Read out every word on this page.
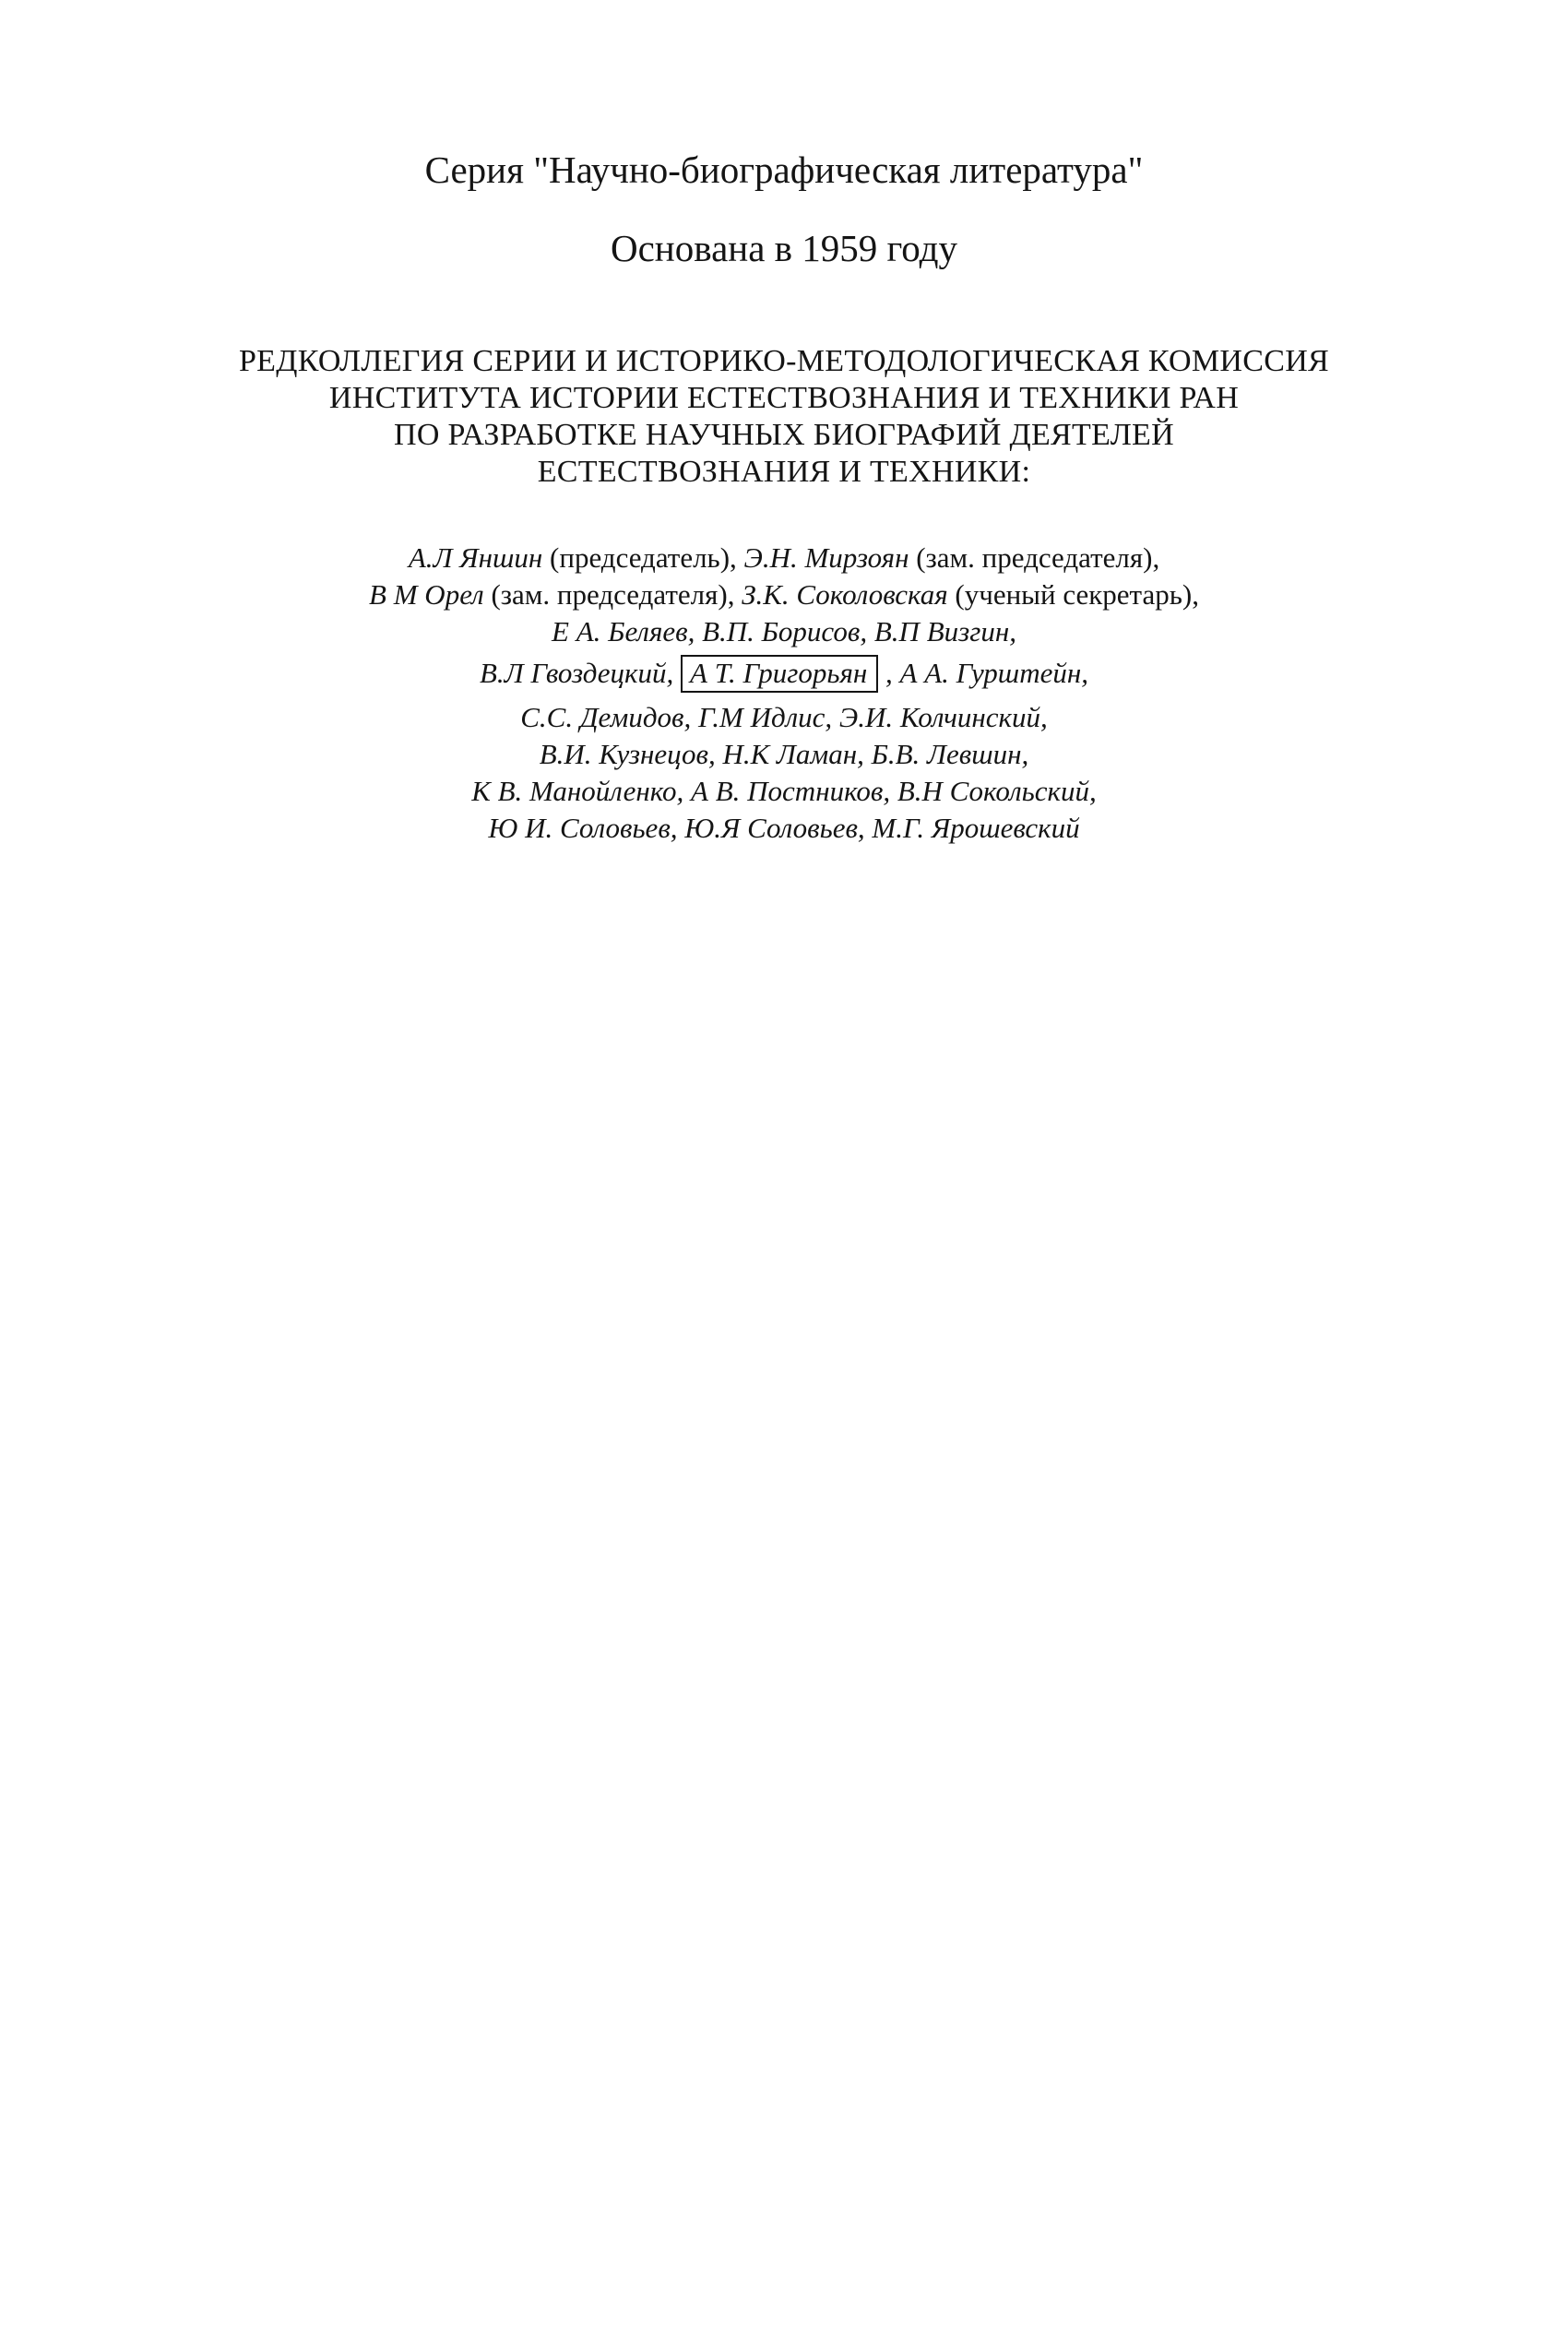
Серия "Научно-биографическая литература"
Основана в 1959 году
РЕДКОЛЛЕГИЯ СЕРИИ И ИСТОРИКО-МЕТОДОЛОГИЧЕСКАЯ КОМИССИЯ
ИНСТИТУТА ИСТОРИИ ЕСТЕСТВОЗНАНИЯ И ТЕХНИКИ РАН
ПО РАЗРАБОТКЕ НАУЧНЫХ БИОГРАФИЙ ДЕЯТЕЛЕЙ
ЕСТЕСТВОЗНАНИЯ И ТЕХНИКИ:
А.Л Яншин (председатель), Э.Н. Мирзоян (зам. председателя),
В М Орел (зам. председателя), З.К. Соколовская (ученый секретарь),
Е А. Беляев, В.П. Борисов, В.П Визгин,
В.Л Гвоздецкий, А Т. Григорьян , А А. Гурштейн,
С.С. Демидов, Г.М Идлис, Э.И. Колчинский,
В.И. Кузнецов, Н.К Ламан, Б.В. Левшин,
К В. Манойленко, А В. Постников, В.Н Сокольский,
Ю И. Соловьев, Ю.Я Соловьев, М.Г. Ярошевский
